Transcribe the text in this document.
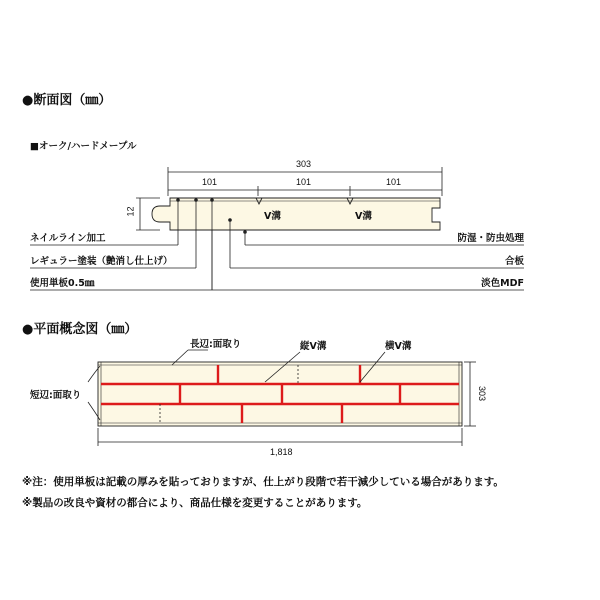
●断面図（㎜）
■オーク/ハードメープル
303
101	101	101
12	V溝	V溝
ネイルライン加工
レギュラー塗装（艶消し仕上げ）
使用単板0.5㎜
防湿・防虫処理
合板
淡色MDF
●平面概念図（㎜）
長辺:面取り	縦V溝	横V溝
短辺:面取り	303
1,818
※注：使用単板は記載の厚みを貼っておりますが、仕上がり段階で若干減少している場合があります。
※製品の改良や資材の都合により、商品仕様を変更することがあります。
